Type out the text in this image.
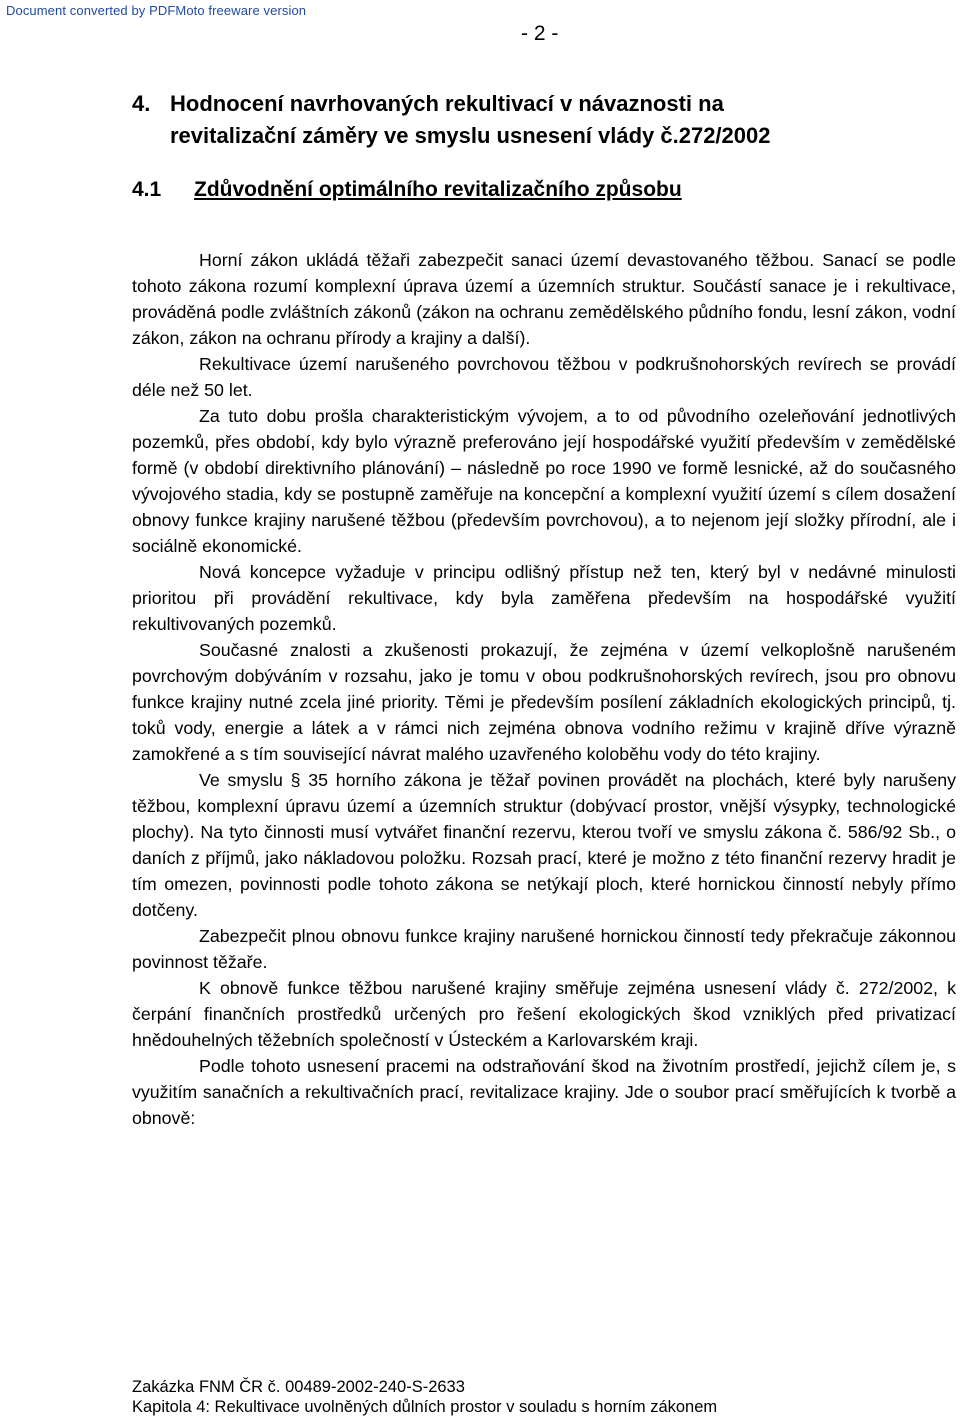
Document converted by PDFMoto freeware version
- 2 -
4. Hodnocení navrhovaných rekultivací v návaznosti na
revitalizační záměry ve smyslu usnesení vlády č.272/2002
4.1 Zdůvodnění optimálního revitalizačního způsobu

Horní zákon ukládá těžaři zabezpečit sanaci území devastovaného těžbou. Sanací se podle tohoto zákona rozumí komplexní úprava území a územních struktur. Součástí sanace je i rekultivace, prováděná podle zvláštních zákonů (zákon na ochranu zemědělského půdního fondu, lesní zákon, vodní zákon, zákon na ochranu přírody a krajiny a další).

Rekultivace území narušeného povrchovou těžbou v podkrušnohorských revírech se provádí déle než 50 let.

Za tuto dobu prošla charakteristickým vývojem, a to od původního ozeleňování jednotlivých pozemků, přes období, kdy bylo výrazně preferováno její hospodářské využití především v zemědělské formě (v období direktivního plánování) – následně po roce 1990 ve formě lesnické, až do současného vývojového stadia, kdy se postupně zaměřuje na koncepční a komplexní využití území s cílem dosažení obnovy funkce krajiny narušené těžbou (především povrchovou), a to nejenom její složky přírodní, ale i sociálně ekonomické.

Nová koncepce vyžaduje v principu odlišný přístup než ten, který byl v nedávné minulosti prioritou při provádění rekultivace, kdy byla zaměřena především na hospodářské využití rekultivovaných pozemků.

Současné znalosti a zkušenosti prokazují, že zejména v území velkoplošně narušeném povrchovým dobýváním v rozsahu, jako je tomu v obou podkrušnohorských revírech, jsou pro obnovu funkce krajiny nutné zcela jiné priority. Těmi je především posílení základních ekologických principů, tj. toků vody, energie a látek a v rámci nich zejména obnova vodního režimu v krajině dříve výrazně zamokřené a s tím související návrat malého uzavřeného koloběhu vody do této krajiny.

Ve smyslu § 35 horního zákona je těžař povinen provádět na plochách, které byly narušeny těžbou, komplexní úpravu území a územních struktur (dobývací prostor, vnější výsypky, technologické plochy). Na tyto činnosti musí vytvářet finanční rezervu, kterou tvoří ve smyslu zákona č. 586/92 Sb., o daních z příjmů, jako nákladovou položku. Rozsah prací, které je možno z této finanční rezervy hradit je tím omezen, povinnosti podle tohoto zákona se netýkají ploch, které hornickou činností nebyly přímo dotčeny.

Zabezpečit plnou obnovu funkce krajiny narušené hornickou činností tedy překračuje zákonnou povinnost těžaře.

K obnově funkce těžbou narušené krajiny směřuje zejména usnesení vlády č. 272/2002, k čerpání finančních prostředků určených pro řešení ekologických škod vzniklých před privatizací hnědouhelných těžebních společností v Ústeckém a Karlovarském kraji.

Podle tohoto usnesení pracemi na odstraňování škod na životním prostředí, jejichž cílem je, s využitím sanačních a rekultivačních prací, revitalizace krajiny. Jde o soubor prací směřujících k tvorbě a obnově:

Zakázka FNM ČR č. 00489-2002-240-S-2633
Kapitola 4: Rekultivace uvolněných důlních prostor v souladu s horním zákonem
